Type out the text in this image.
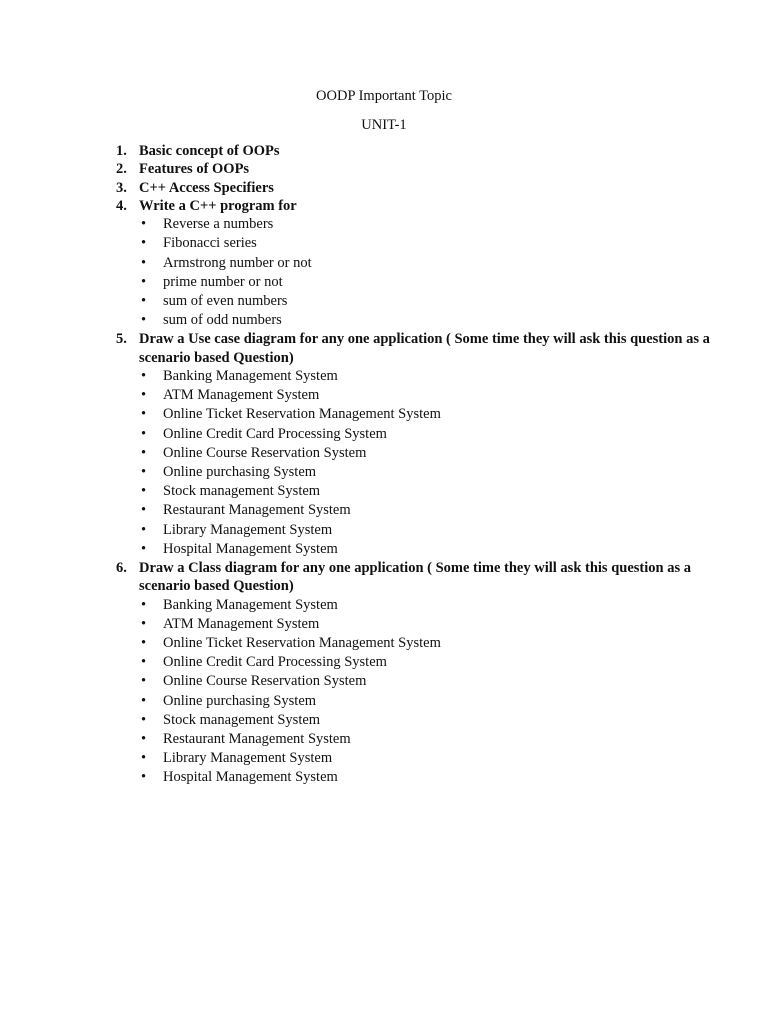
OODP Important Topic
UNIT-1
1. Basic concept of OOPs
2. Features of OOPs
3. C++ Access Specifiers
4. Write a C++ program for
• Reverse a numbers
• Fibonacci series
• Armstrong number or not
• prime number or not
• sum of even numbers
• sum of odd numbers
5. Draw a Use case diagram for any one application ( Some time they will ask this question as a scenario based Question)
• Banking Management System
• ATM Management System
• Online Ticket Reservation Management System
• Online Credit Card Processing System
• Online Course Reservation System
• Online purchasing System
• Stock management System
• Restaurant Management System
• Library Management System
• Hospital Management System
6. Draw a Class diagram for any one application ( Some time they will ask this question as a scenario based Question)
• Banking Management System
• ATM Management System
• Online Ticket Reservation Management System
• Online Credit Card Processing System
• Online Course Reservation System
• Online purchasing System
• Stock management System
• Restaurant Management System
• Library Management System
• Hospital Management System
